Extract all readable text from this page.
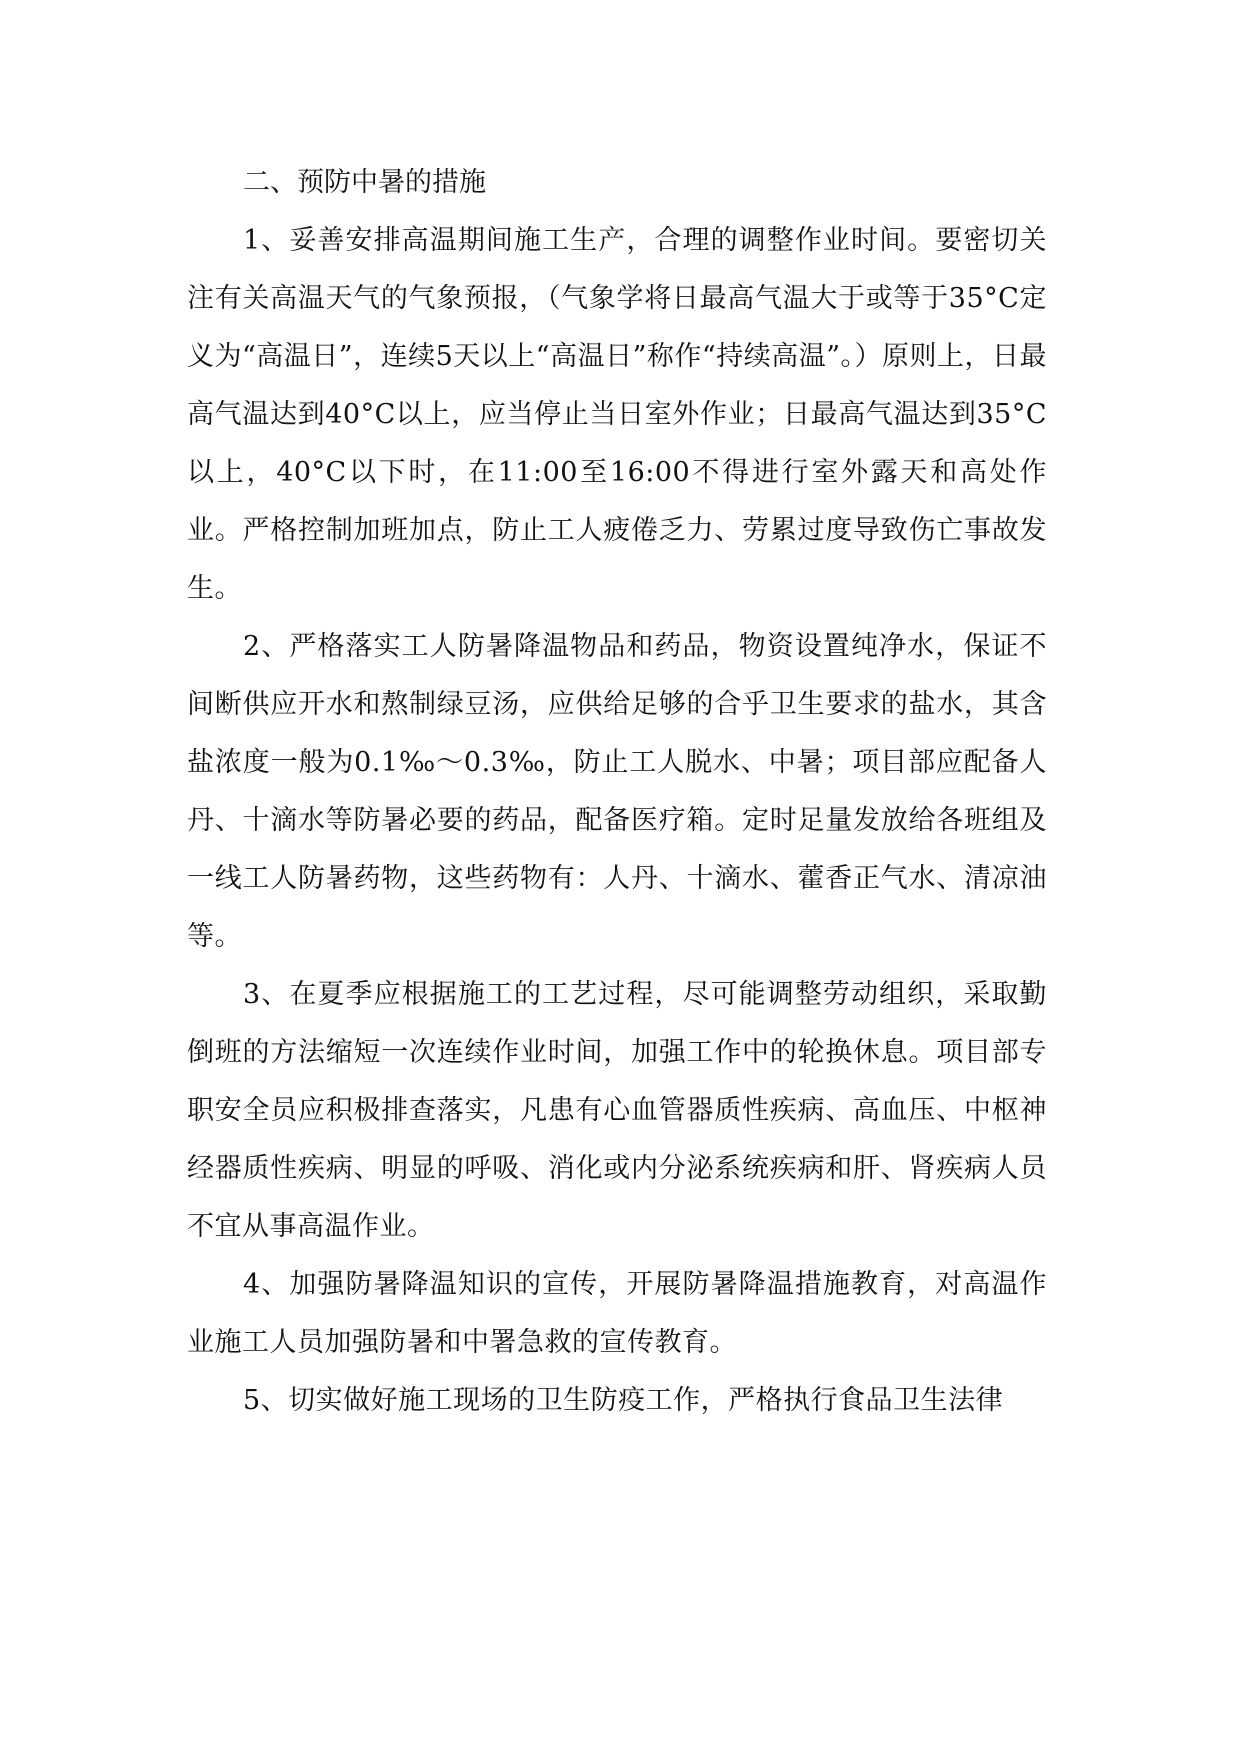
二、预防中暑的措施

1、妥善安排高温期间施工生产，合理的调整作业时间。要密切关注有关高温天气的气象预报，（气象学将日最高气温大于或等于35°C定义为“高温日”，连续5天以上“高温日”称作“持续高温”。）原则上，日最高气温达到40°C以上，应当停止当日室外作业；日最高气温达到35°C以上，40°C以下时，在11:00至16:00不得进行室外露天和高处作业。严格控制加班加点，防止工人疲倦乏力、劳累过度导致伤亡事故发生。

2、严格落实工人防暑降温物品和药品，物资设置纯净水，保证不间断供应开水和熬制绿豆汤，应供给足够的合乎卫生要求的盐水，其含盐浓度一般为0.1‰～0.3‰，防止工人脱水、中暑；项目部应配备人丹、十滴水等防暑必要的药品，配备医疗箱。定时足量发放给各班组及一线工人防暑药物，这些药物有：人丹、十滴水、藿香正气水、清凉油等。

3、在夏季应根据施工的工艺过程，尽可能调整劳动组织，采取勤倒班的方法缩短一次连续作业时间，加强工作中的轮换休息。项目部专职安全员应积极排查落实，凡患有心血管器质性疾病、高血压、中枢神经器质性疾病、明显的呼吸、消化或内分泌系统疾病和肝、肾疾病人员不宜从事高温作业。

4、加强防暑降温知识的宣传，开展防暑降温措施教育，对高温作业施工人员加强防暑和中署急救的宣传教育。

5、切实做好施工现场的卫生防疫工作，严格执行食品卫生法律
